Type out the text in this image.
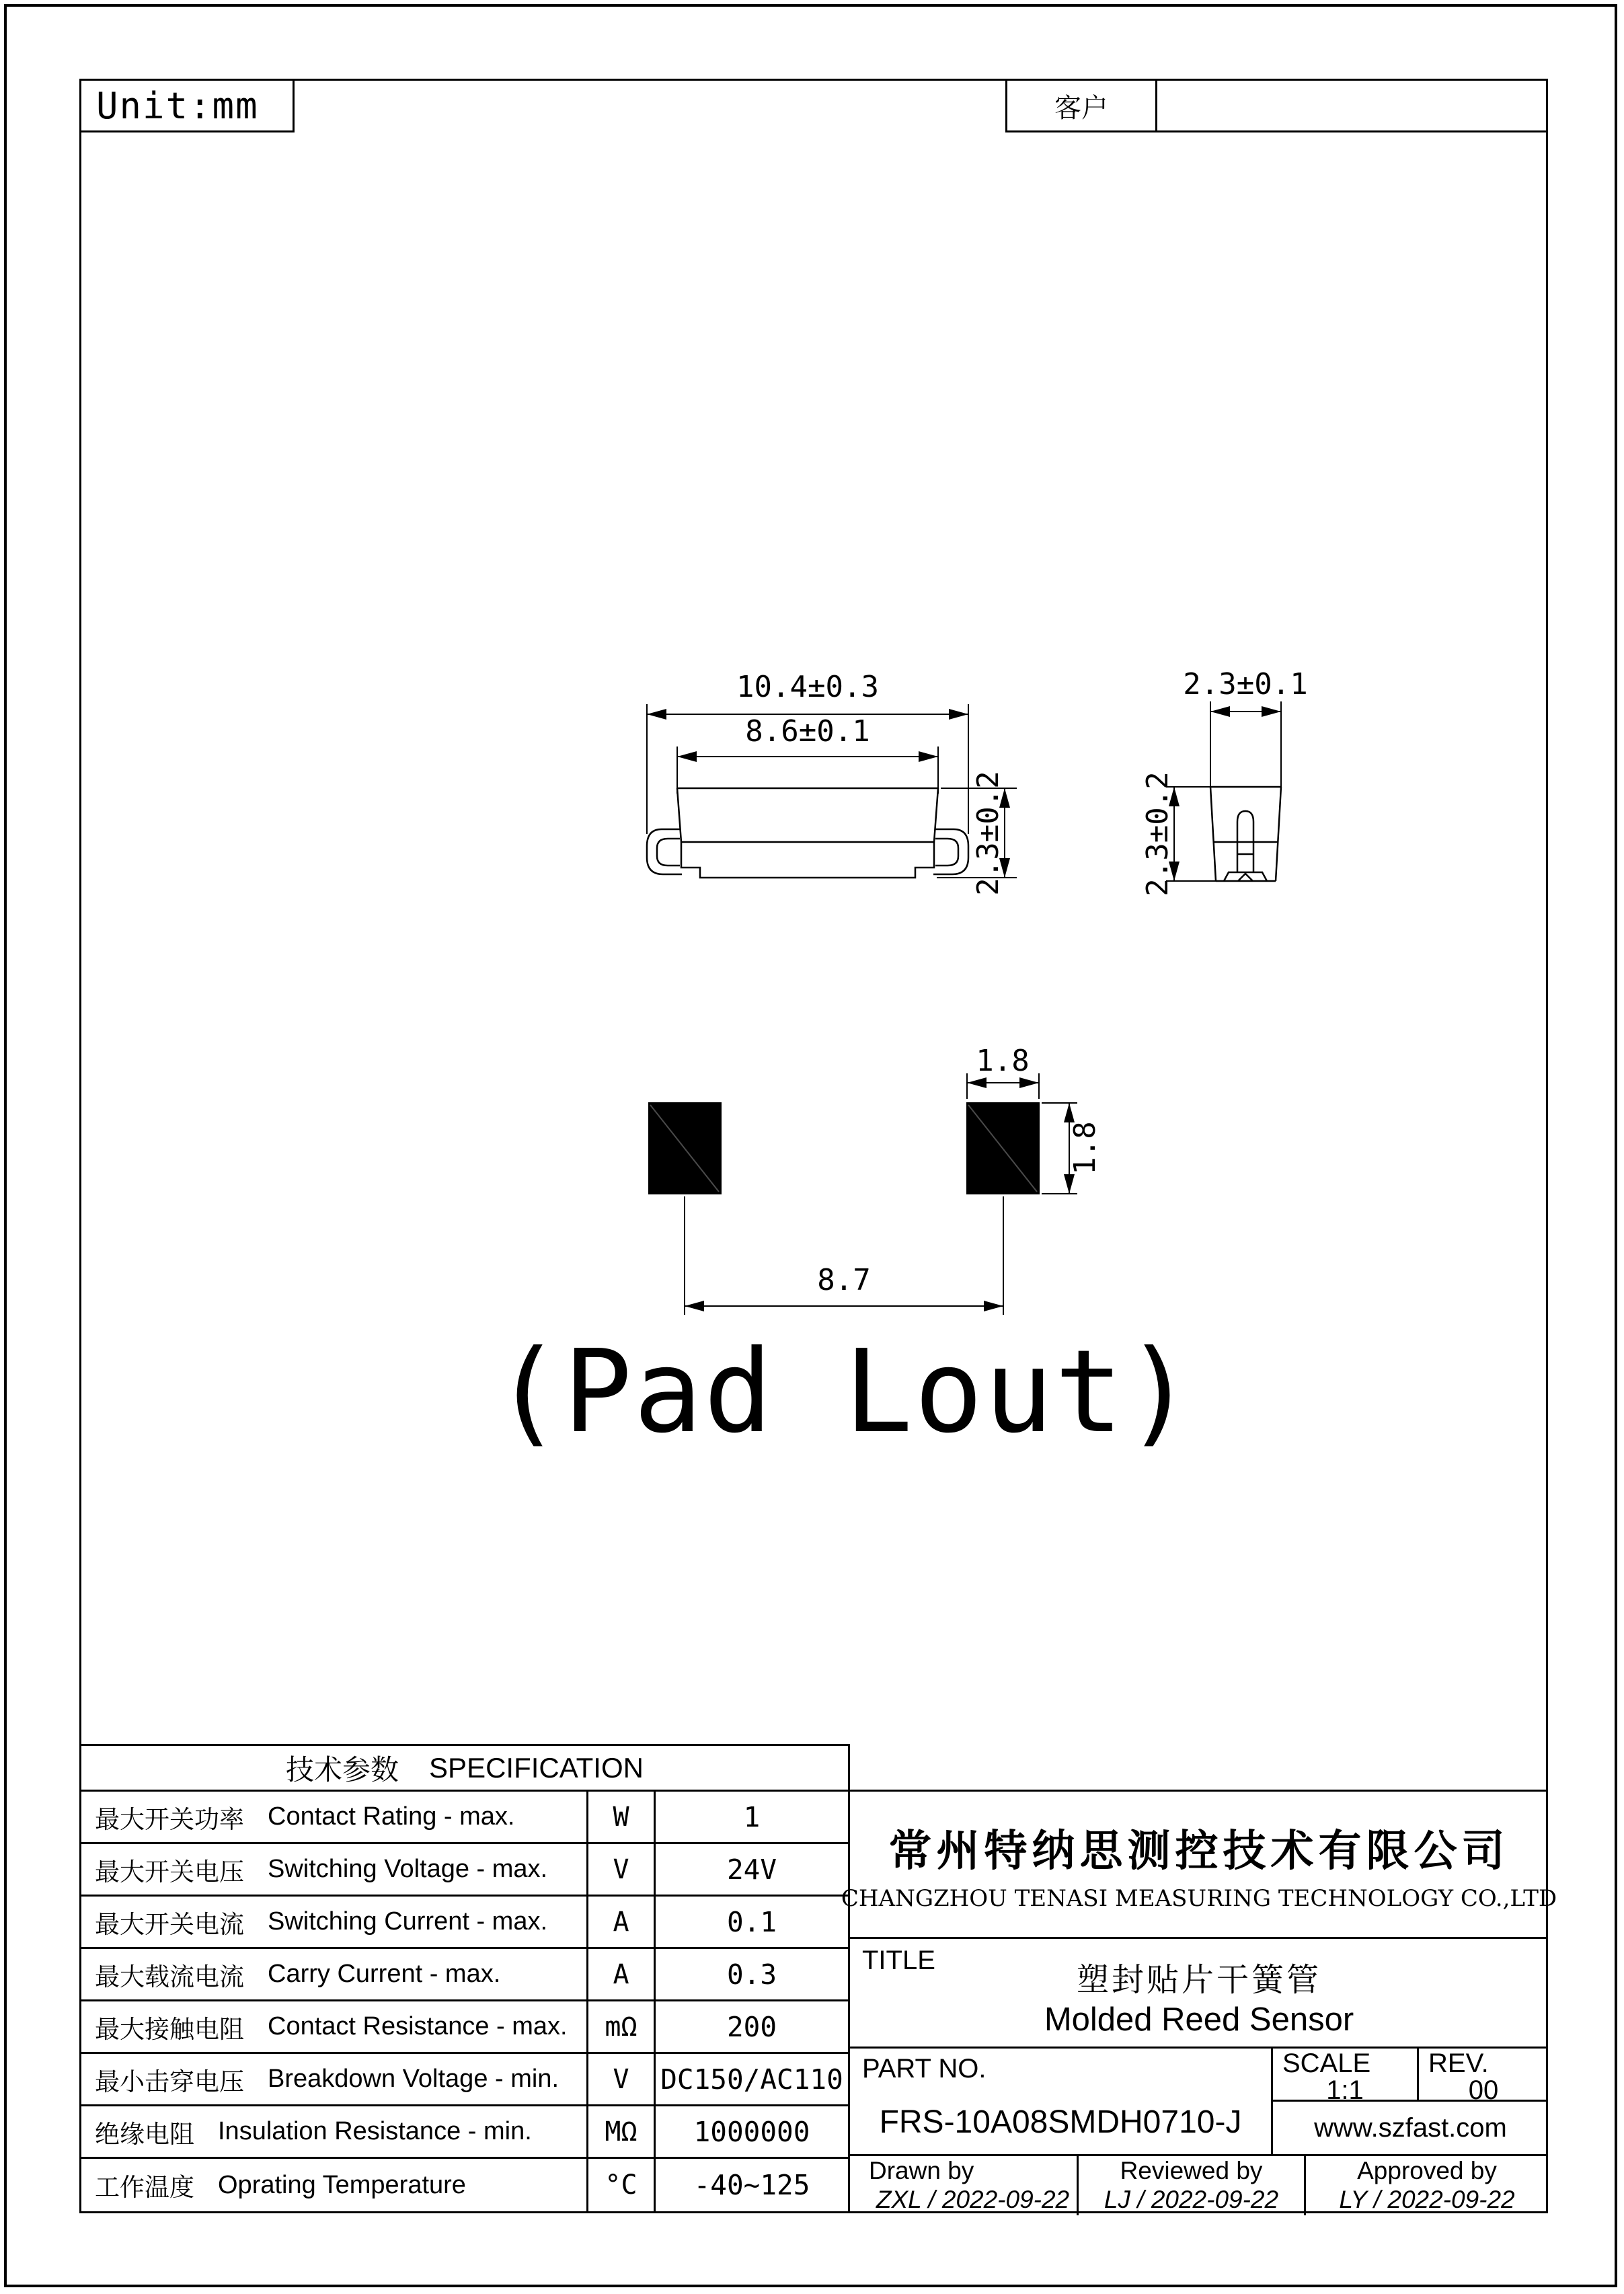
Unit:mm	客户
10.4±0.3
8.6±0.1
2.3±0.2
2.3±0.1
2.3±0.2
1.8
1.8
8.7
(Pad Lout)
技术参数 SPECIFICATION
最大开关功率 Contact Rating - max.	W	1
最大开关电压 Switching Voltage - max.	V	24V
最大开关电流 Switching Current - max.	A	0.1
最大载流电流 Carry Current - max.	A	0.3
最大接触电阻 Contact Resistance - max.	mΩ	200
最小击穿电压 Breakdown Voltage - min.	V	DC150/AC110
绝缘电阻 Insulation Resistance - min.	MΩ	1000000
工作温度 Oprating Temperature	°C	-40~125
常州特纳思测控技术有限公司
CHANGZHOU TENASI MEASURING TECHNOLOGY CO.,LTD
TITLE
塑封贴片干簧管
Molded Reed Sensor
PART NO.
FRS-10A08SMDH0710-J
SCALE
1:1
REV.
00
www.szfast.com
Drawn by
ZXL / 2022-09-22
Reviewed by
LJ / 2022-09-22
Approved by
LY / 2022-09-22
